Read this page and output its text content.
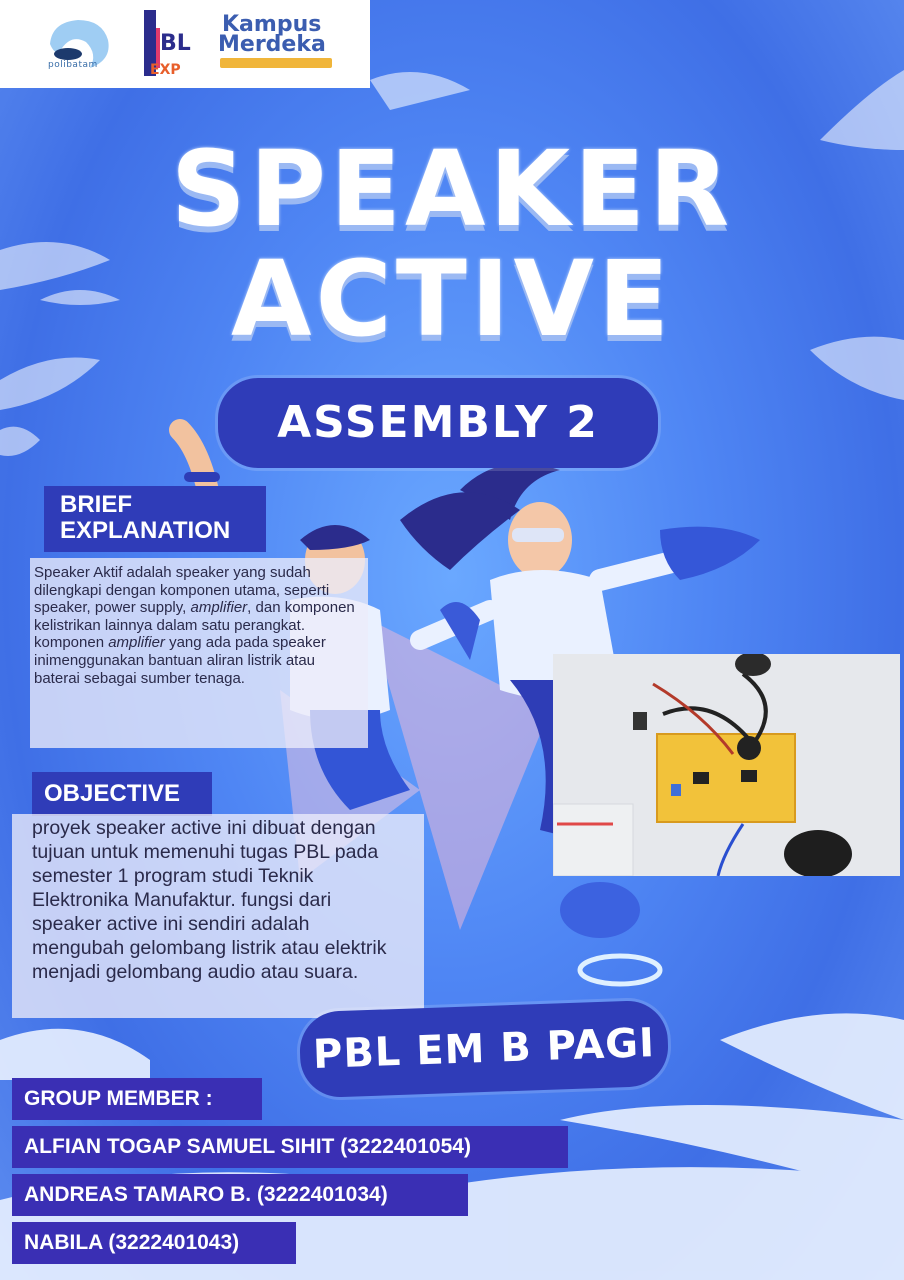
polibatam
BL
EXP
Kampus
Merdeka
SPEAKER
ACTIVE
ASSEMBLY 2
BRIEF EXPLANATION

Speaker Aktif adalah speaker yang sudah dilengkapi dengan komponen utama, seperti speaker, power supply, amplifier, dan komponen kelistrikan lainnya dalam satu perangkat.

komponen amplifier yang ada pada speaker inimenggunakan bantuan aliran listrik atau baterai sebagai sumber tenaga.

OBJECTIVE

proyek speaker active ini dibuat dengan tujuan untuk memenuhi tugas PBL pada semester 1 program studi Teknik Elektronika Manufaktur. fungsi dari speaker active ini sendiri adalah mengubah gelombang listrik atau elektrik menjadi gelombang audio atau suara.

PBL EM B PAGI
GROUP MEMBER :
ALFIAN TOGAP SAMUEL SIHIT (3222401054)
ANDREAS TAMARO B. (3222401034)
NABILA (3222401043)
